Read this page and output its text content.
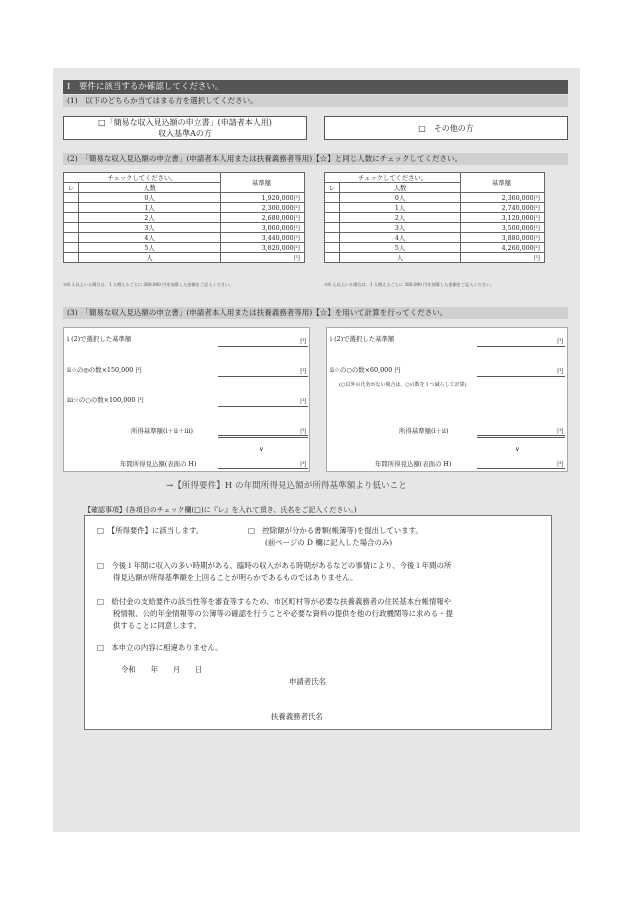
Ⅰ　要件に該当するか確認してください。
(1)　以下のどちらか当てはまる方を選択してください。
□「簡易な収入見込額の申立書」(申請者本人用)
収入基準Aの方
□　その他の方
(2)　「簡易な収入見込額の申立書」(申請者本人用または扶養義務者等用)【☆】と同じ人数にチェックしてください。
チェックしてください。		基準額
レ	人数	
	0人	1,920,000円
	1人	2,300,000円
	2人	2,680,000円
	3人	3,060,000円
	4人	3,440,000円
	5人	3,820,000円
	人	円
※6 人以上いる場合は、1 人増えるごとに 380,000 円を加算した金額をご記入ください。
チェックしてください。		基準額
レ	人数	
	0人	2,360,000円
	1人	2,740,000円
	2人	3,120,000円
	3人	3,500,000円
	4人	3,880,000円
	5人	4,260,000円
	人	円
※6 人以上いる場合は、1 人増えるごとに 380,000 円を加算した金額をご記入ください。
(3)　「簡易な収入見込額の申立書」(申請者本人用または扶養義務者等用)【☆】を用いて計算を行ってください。
i (2)で選択した基準額	円
ii☆の◎の数×150,000 円	円
iii☆の○の数×100,000 円	円
所得基準額(i＋ii＋iii)	円
∨
年間所得見込額(表面の H)	円
i (2)で選択した基準額	円
ii☆の○の数×60,000 円	円
(○以外の氏名がない場合は、○の数を１つ減らして計算)
所得基準額(i＋ii)	円
∨
年間所得見込額(表面の H)	円
→【所得要件】H の年間所得見込額が所得基準額より低いこと
【確認事項】(各項目のチェック欄(□)に『レ』を入れて頂き、氏名をご記入ください。)
□　【所得要件】に該当します。	□　控除額が分かる書類(帳簿等)を提出しています。
(前ページの D 欄に記入した場合のみ)
□　今後１年間に収入の多い時期がある、臨時の収入がある時期があるなどの事情により、今後１年間の所
得見込額が所得基準額を上回ることが明らかであるものではありません。
□　給付金の支給要件の該当性等を審査等するため、市区町村等が必要な扶養義務者の住民基本台帳情報や
税情報、公的年金情報等の公簿等の確認を行うことや必要な資料の提供を他の行政機関等に求める・提
供することに同意します。
□　本申立の内容に相違ありません。
令和　　年　　月　　日
申請者氏名
扶養義務者氏名
